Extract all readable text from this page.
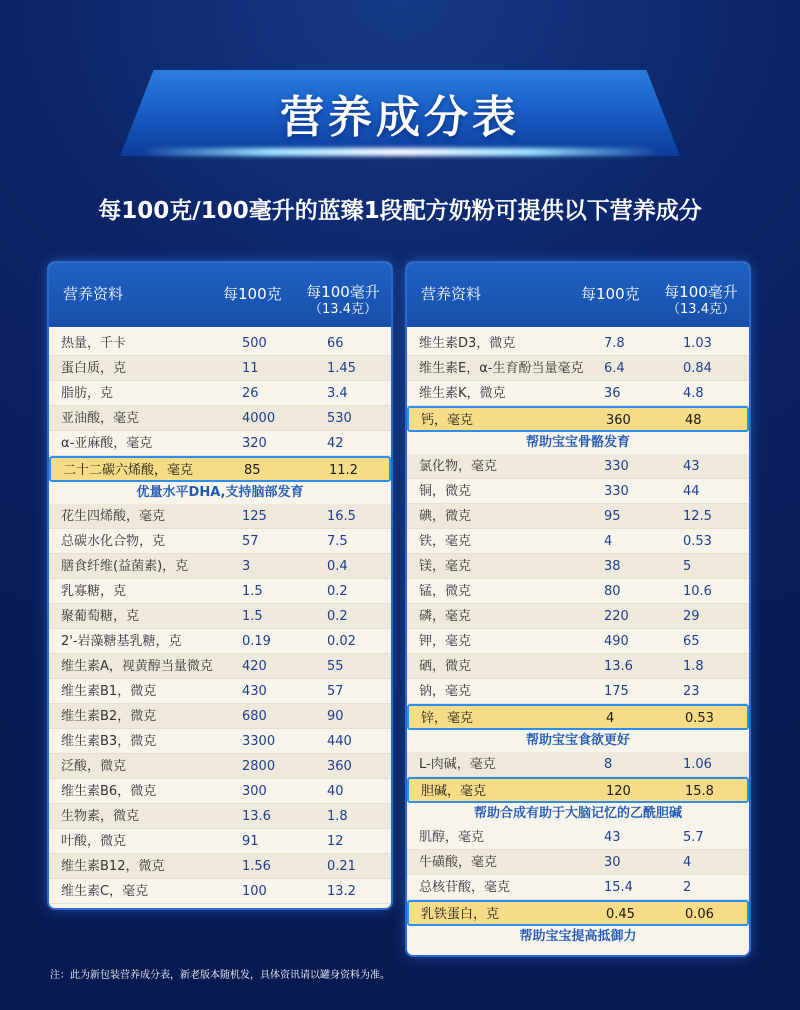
营养成分表
每100克/100毫升的蓝臻1段配方奶粉可提供以下营养成分
营养资料	每100克	每100毫升
（13.4克）
热量，千卡	500	66
蛋白质，克	11	1.45
脂肪，克	26	3.4
亚油酸，毫克	4000	530
α-亚麻酸，毫克	320	42
二十二碳六烯酸，毫克	85	11.2
优量水平DHA,支持脑部发育
花生四烯酸，毫克	125	16.5
总碳水化合物，克	57	7.5
膳食纤维(益菌素)，克	3	0.4
乳寡糖，克	1.5	0.2
聚葡萄糖，克	1.5	0.2
2'-岩藻糖基乳糖，克	0.19	0.02
维生素A，视黄醇当量微克 420	55
维生素B1，微克	430	57
维生素B2，微克	680	90
维生素B3，微克	3300	440
泛酸，微克	2800	360
维生素B6，微克	300	40
生物素，微克	13.6	1.8
叶酸，微克	91	12
维生素B12，微克	1.56	0.21
维生素C，毫克	100	13.2
营养资料	每100克	每100毫升
（13.4克）
维生素D3，微克	7.8	1.03
维生素E，α-生育酚当量毫克 6.4	0.84
维生素K，微克	36	4.8
钙，毫克	360	48
帮助宝宝骨骼发育
氯化物，毫克	330	43
铜，微克	330	44
碘，微克	95	12.5
铁，毫克	4	0.53
镁，毫克	38	5
锰，微克	80	10.6
磷，毫克	220	29
钾，毫克	490	65
硒，微克	13.6	1.8
钠，毫克	175	23
锌，毫克	4	0.53
帮助宝宝食欲更好
L-肉碱，毫克	8	1.06
胆碱，毫克	120	15.8
帮助合成有助于大脑记忆的乙酰胆碱
肌醇，毫克	43	5.7
牛磺酸，毫克	30	4
总核苷酸，毫克	15.4	2
乳铁蛋白，克	0.45	0.06
帮助宝宝提高抵御力
注：此为新包装营养成分表，新老版本随机发，具体资讯请以罐身资料为准。
